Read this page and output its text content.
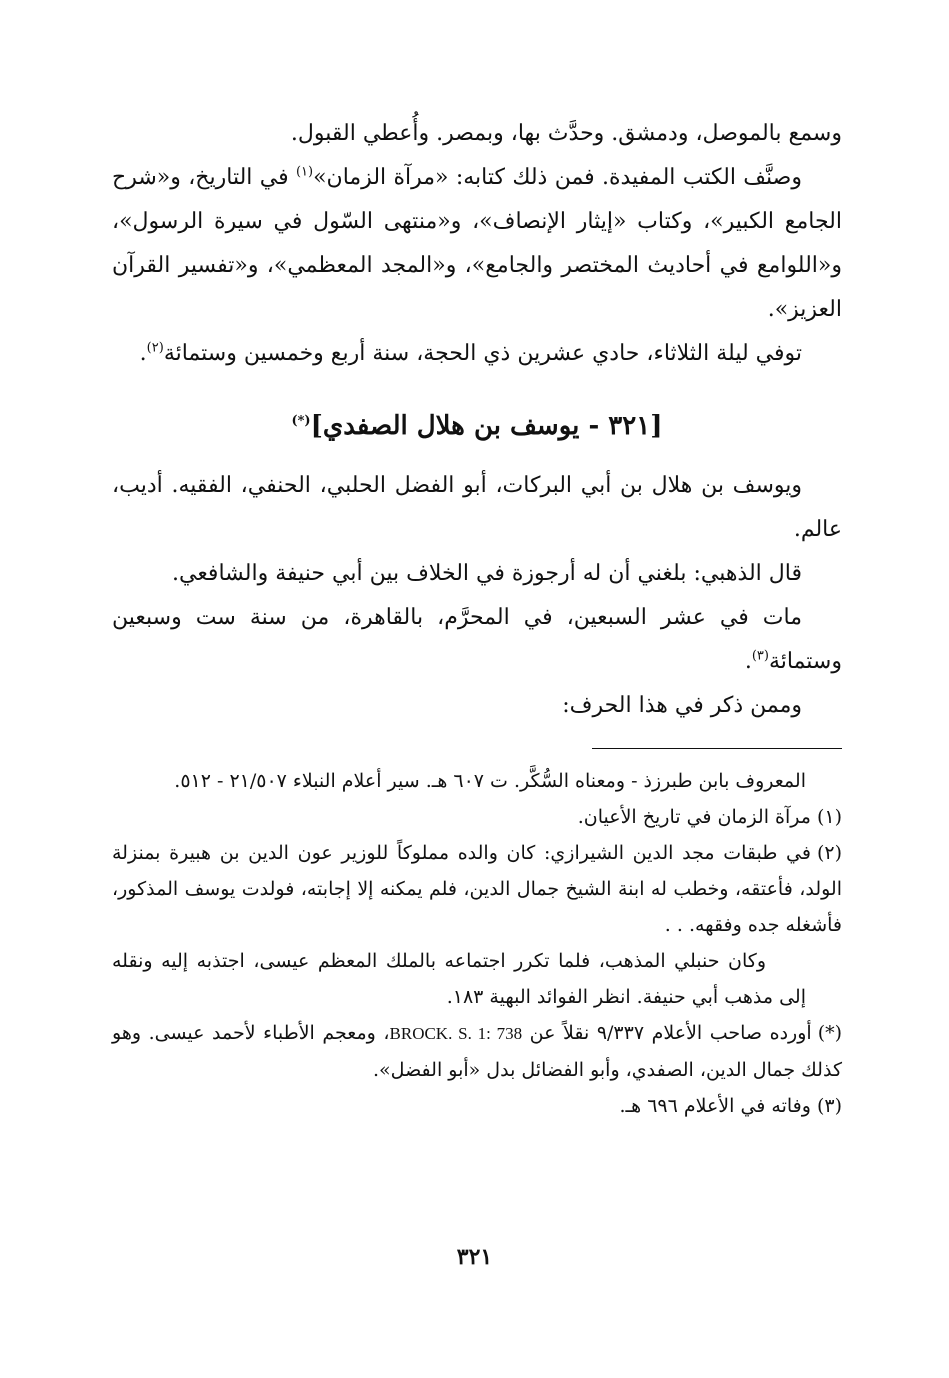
وسمع بالموصل، ودمشق. وحدَّث بها، وبمصر. وأُعطي القبول.

وصنَّف الكتب المفيدة. فمن ذلك كتابه: «مرآة الزمان»$^{(١)}$ في التاريخ، و«شرح الجامع الكبير»، وكتاب «إيثار الإنصاف»، و«منتهى السّول في سيرة الرسول»، و«اللوامع في أحاديث المختصر والجامع»، و«المجد المعظمي»، و«تفسير القرآن العزيز».

توفي ليلة الثلاثاء، حادي عشرين ذي الحجة، سنة أربع وخمسين وستمائة$^{(٢)}$.

[٣٢١ - يوسف بن هلال الصفدي](*)

ويوسف بن هلال بن أبي البركات، أبو الفضل الحلبي، الحنفي، الفقيه. أديب، عالم.

قال الذهبي: بلغني أن له أرجوزة في الخلاف بين أبي حنيفة والشافعي.

مات في عشر السبعين، في المحرَّم، بالقاهرة، من سنة ست وسبعين وستمائة$^{(٣)}$.

وممن ذكر في هذا الحرف:

المعروف بابن طبرزذ - ومعناه السُّكَّر. ت ٦٠٧ هـ. سير أعلام النبلاء ٢١/٥٠٧ - ٥١٢.

(١)مرآة الزمان في تاريخ الأعيان.

(٢)في طبقات مجد الدين الشيرازي: كان والده مملوكاً للوزير عون الدين بن هبيرة بمنزلة الولد، فأعتقه، وخطب له ابنة الشيخ جمال الدين، فلم يمكنه إلا إجابته، فولدت يوسف المذكور، فأشغله جده وفقهه. . .

وكان حنبلي المذهب، فلما تكرر اجتماعه بالملك المعظم عيسى، اجتذبه إليه ونقله إلى مذهب أبي حنيفة. انظر الفوائد البهية ١٨٣.

(*)أورده صاحب الأعلام ٩/٣٣٧ نقلاً عن BROCK. S. 1: 738، ومعجم الأطباء لأحمد عيسى. وهو كذلك جمال الدين، الصفدي، وأبو الفضائل بدل «أبو الفضل».

(٣)وفاته في الأعلام ٦٩٦ هـ.

٣٢١
